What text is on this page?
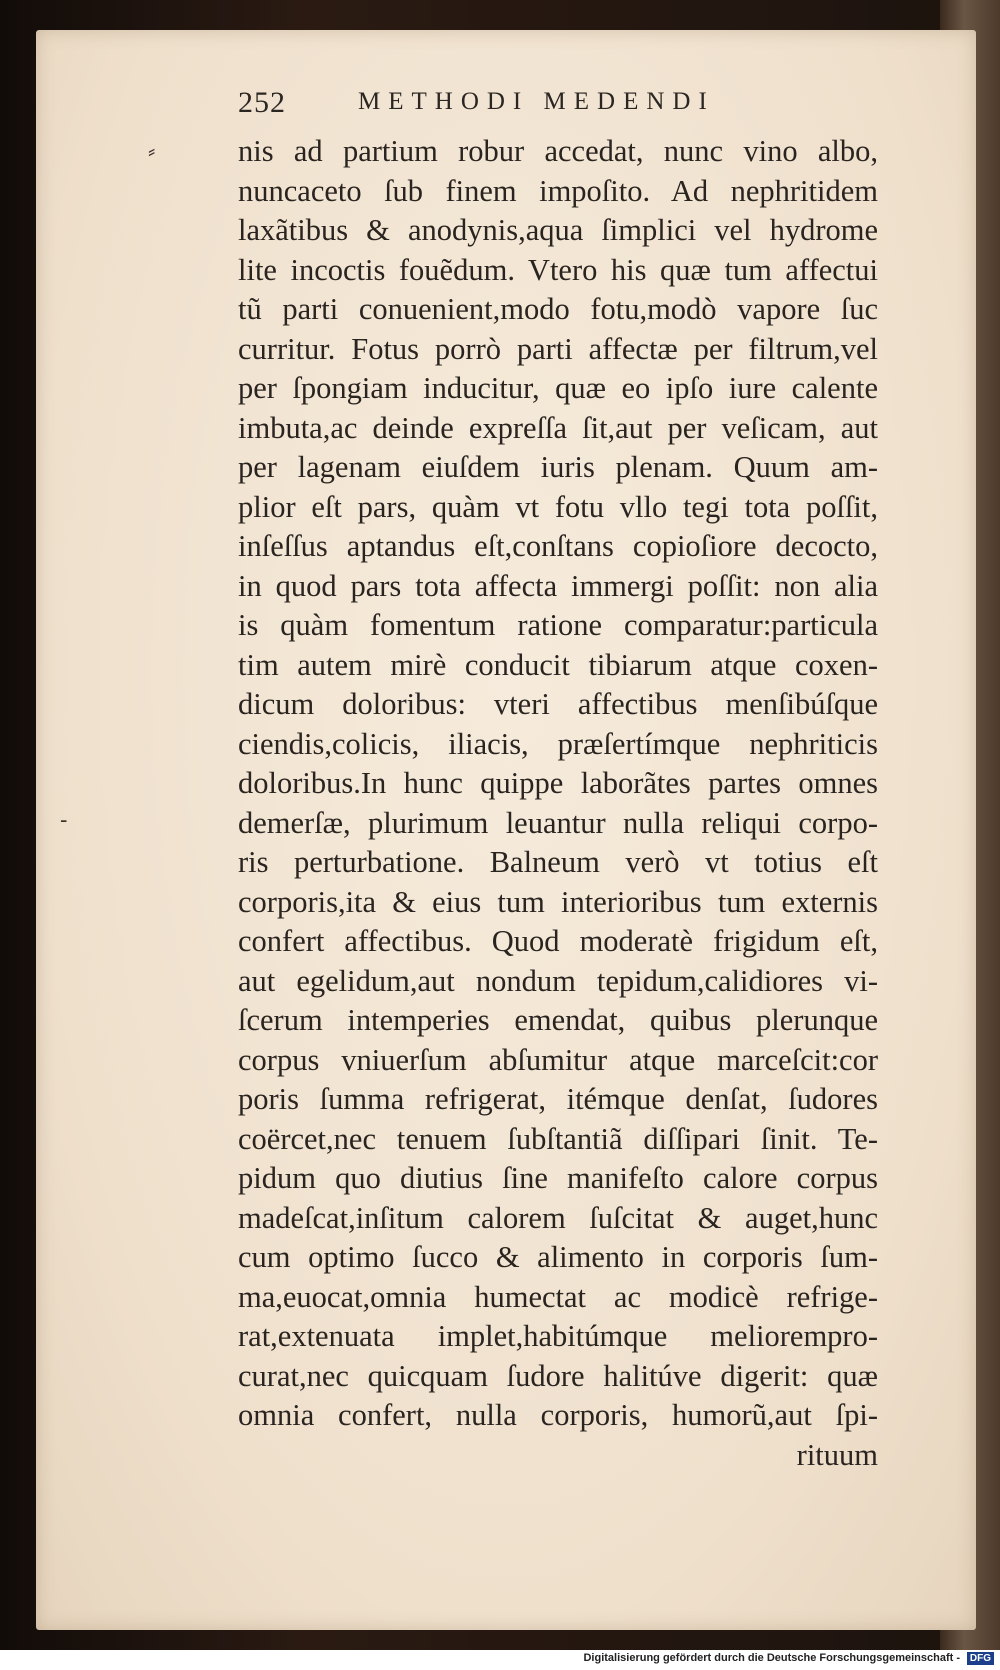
252	METHODI MEDENDI
⸗
-
nis ad partium robur accedat, nunc vino albo,
nuncaceto ſub finem impoſito. Ad nephritidem
laxãtibus & anodynis,aqua ſimplici vel hydrome
lite incoctis fouẽdum. Vtero his quæ tum affectui
tũ parti conuenient,modo fotu,modò vapore ſuc
curritur. Fotus porrò parti affectæ per filtrum,vel
per ſpongiam inducitur, quæ eo ipſo iure calente
imbuta,ac deinde expreſſa ſit,aut per veſicam, aut
per lagenam eiuſdem iuris plenam. Quum am-
plior eſt pars, quàm vt fotu vllo tegi tota poſſit,
inſeſſus aptandus eſt,conſtans copioſiore decocto,
in quod pars tota affecta immergi poſſit: non alia
is quàm fomentum ratione comparatur:particula
tim autem mirè conducit tibiarum atque coxen-
dicum doloribus: vteri affectibus menſibúſque
ciendis,colicis, iliacis, præſertímque nephriticis
doloribus.In hunc quippe laborãtes partes omnes
demerſæ, plurimum leuantur nulla reliqui corpo-
ris perturbatione. Balneum verò vt totius eſt
corporis,ita & eius tum interioribus tum externis
confert affectibus. Quod moderatè frigidum eſt,
aut egelidum,aut nondum tepidum,calidiores vi-
ſcerum intemperies emendat, quibus plerunque
corpus vniuerſum abſumitur atque marceſcit:cor
poris ſumma refrigerat, itémque denſat, ſudores
coërcet,nec tenuem ſubſtantiã diſſipari ſinit. Te-
pidum quo diutius ſine manifeſto calore corpus
madeſcat,inſitum calorem ſuſcitat & auget,hunc
cum optimo ſucco & alimento in corporis ſum-
ma,euocat,omnia humectat ac modicè refrige-
rat,extenuata implet,habitúmque meliorempro-
curat,nec quicquam ſudore halitúve digerit: quæ
omnia confert, nulla corporis, humorũ,aut ſpi-
rituum
Digitalisierung gefördert durch die Deutsche Forschungsgemeinschaft - DFG
